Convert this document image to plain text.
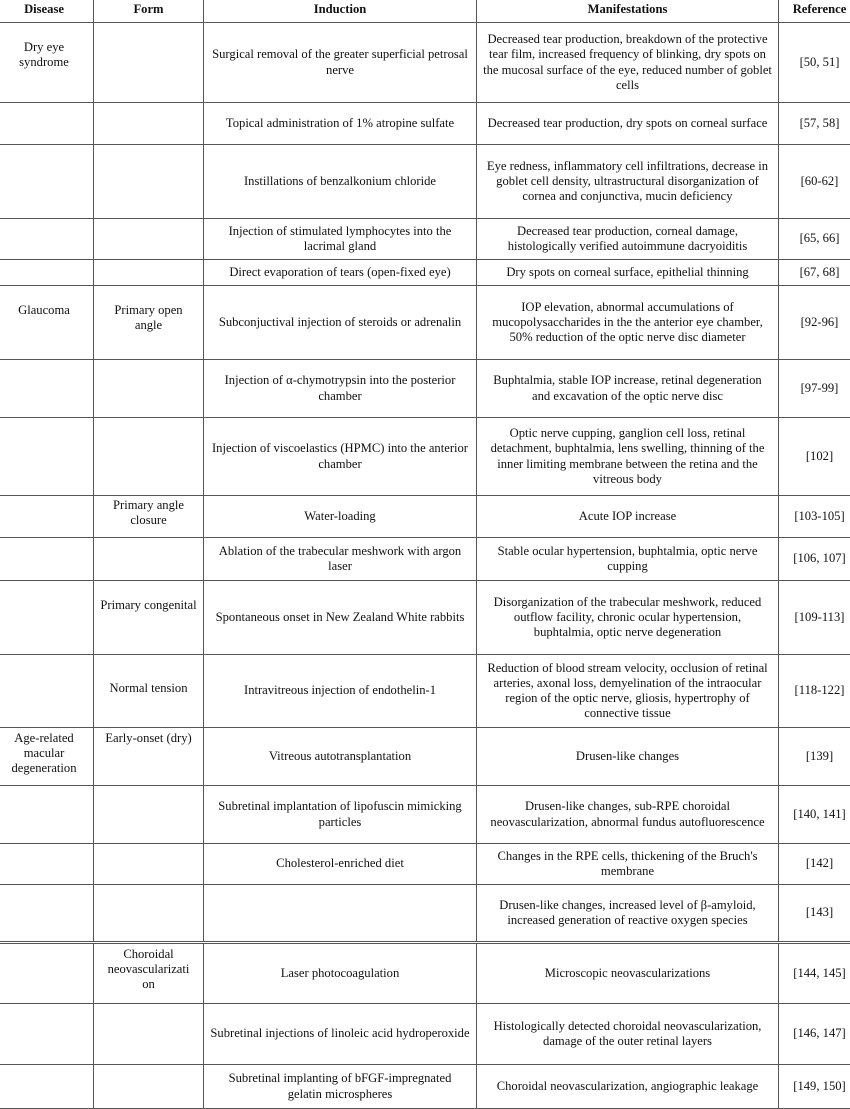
Disease	Form	Induction	Manifestations	Reference
Dry eye syndrome		Surgical removal of the greater superficial petrosal nerve	Decreased tear production, breakdown of the protective tear film, increased frequency of blinking, dry spots on the mucosal surface of the eye, reduced number of goblet cells	[50, 51]
		Topical administration of 1% atropine sulfate	Decreased tear production, dry spots on corneal surface	[57, 58]
		Instillations of benzalkonium chloride	Eye redness, inflammatory cell infiltrations, decrease in goblet cell density, ultrastructural disorganization of cornea and conjunctiva, mucin deficiency	[60-62]
		Injection of stimulated lymphocytes into the lacrimal gland	Decreased tear production, corneal damage, histologically verified autoimmune dacryoiditis	[65, 66]
		Direct evaporation of tears (open-fixed eye)	Dry spots on corneal surface, epithelial thinning	[67, 68]
Glaucoma	Primary open angle	Subconjuctival injection of steroids or adrenalin	IOP elevation, abnormal accumulations of mucopolysaccharides in the the anterior eye chamber, 50% reduction of the optic nerve disc diameter	[92-96]
		Injection of α-chymotrypsin into the posterior chamber	Buphtalmia, stable IOP increase, retinal degeneration and excavation of the optic nerve disc	[97-99]
		Injection of viscoelastics (HPMC) into the anterior chamber	Optic nerve cupping, ganglion cell loss, retinal detachment, buphtalmia, lens swelling, thinning of the inner limiting membrane between the retina and the vitreous body	[102]
	Primary angle closure	Water-loading	Acute IOP increase	[103-105]
		Ablation of the trabecular meshwork with argon laser	Stable ocular hypertension, buphtalmia, optic nerve cupping	[106, 107]
	Primary congenital	Spontaneous onset in New Zealand White rabbits	Disorganization of the trabecular meshwork, reduced outflow facility, chronic ocular hypertension, buphtalmia, optic nerve degeneration	[109-113]
	Normal tension	Intravitreous injection of endothelin-1	Reduction of blood stream velocity, occlusion of retinal arteries, axonal loss, demyelination of the intraocular region of the optic nerve, gliosis, hypertrophy of connective tissue	[118-122]
Age-related macular degeneration	Early-onset (dry)	Vitreous autotransplantation	Drusen-like changes	[139]
		Subretinal implantation of lipofuscin mimicking particles	Drusen-like changes, sub-RPE choroidal neovascularization, abnormal fundus autofluorescence	[140, 141]
		Cholesterol-enriched diet	Changes in the RPE cells, thickening of the Bruch's membrane	[142]
			Drusen-like changes, increased level of β-amyloid, increased generation of reactive oxygen species	[143]
	Choroidal neovascularizati on	Laser photocoagulation	Microscopic neovascularizations	[144, 145]
		Subretinal injections of linoleic acid hydroperoxide	Histologically detected choroidal neovascularization, damage of the outer retinal layers	[146, 147]
		Subretinal implanting of bFGF-impregnated gelatin microspheres	Choroidal neovascularization, angiographic leakage	[149, 150]
